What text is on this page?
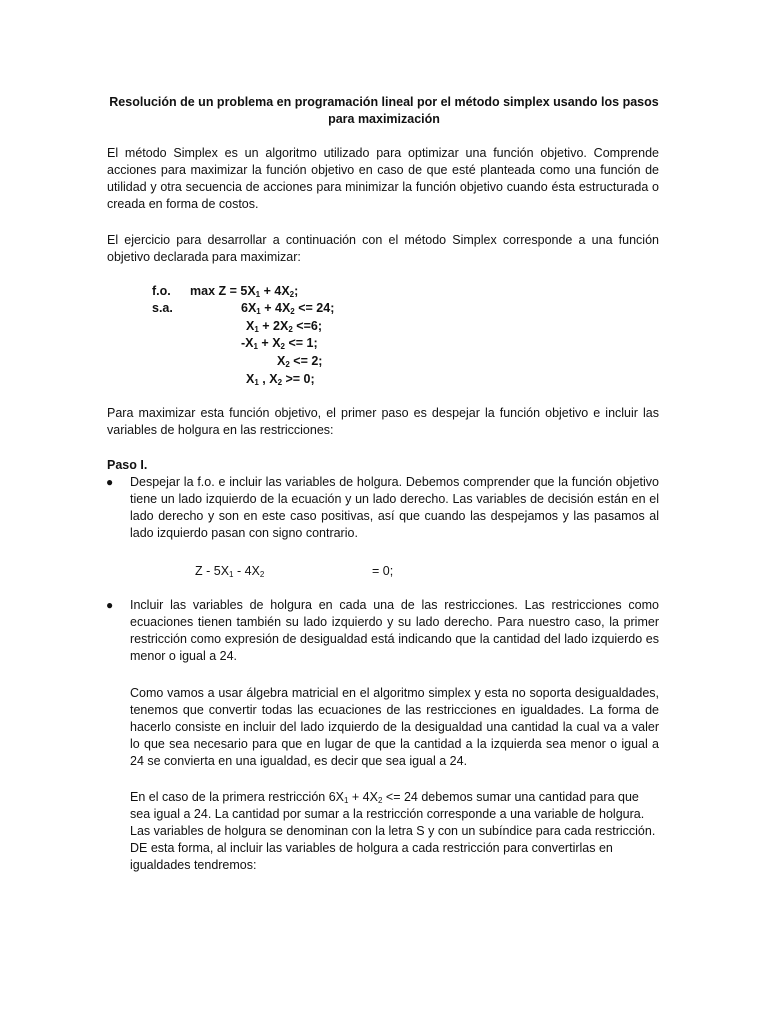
Resolución de un problema en programación lineal por el método simplex usando los pasos para maximización

El método Simplex es un algoritmo utilizado para optimizar una función objetivo. Comprende acciones para maximizar la función objetivo en caso de que esté planteada como una función de utilidad y otra secuencia de acciones para minimizar la función objetivo cuando ésta estructurada o creada en forma de costos.

El ejercicio para desarrollar a continuación con el método Simplex corresponde a una función objetivo declarada para maximizar:

f.o. $\max Z = 5X_1 + 4X_2$;
s.a.	$6X_1 + 4X_2 <= 24$;
$X_1 + 2X_2 <=6$;
$-X_1 + X_2 <= 1$;
$X_2 <= 2$;
$X_1$ , $X_2 >= 0$;

Para maximizar esta función objetivo, el primer paso es despejar la función objetivo e incluir las variables de holgura en las restricciones:

Paso I.
● Despejar la f.o. e incluir las variables de holgura. Debemos comprender que la función objetivo tiene un lado izquierdo de la ecuación y un lado derecho. Las variables de decisión están en el lado derecho y son en este caso positivas, así que cuando las despejamos y las pasamos al lado izquierdo pasan con signo contrario.

Z - $5X_1 - 4X_2$	= 0;
● Incluir las variables de holgura en cada una de las restricciones. Las restricciones como ecuaciones tienen también su lado izquierdo y su lado derecho. Para nuestro caso, la primer restricción como expresión de desigualdad está indicando que la cantidad del lado izquierdo es menor o igual a 24.

Como vamos a usar álgebra matricial en el algoritmo simplex y esta no soporta desigualdades, tenemos que convertir todas las ecuaciones de las restricciones en igualdades. La forma de hacerlo consiste en incluir del lado izquierdo de la desigualdad una cantidad la cual va a valer lo que sea necesario para que en lugar de que la cantidad a la izquierda sea menor o igual a 24 se convierta en una igualdad, es decir que sea igual a 24.

En el caso de la primera restricción $6X_1 + 4X_2 <= 24$ debemos sumar una cantidad para que sea igual a 24. La cantidad por sumar a la restricción corresponde a una variable de holgura. Las variables de holgura se denominan con la letra S y con un subíndice para cada restricción. DE esta forma, al incluir las variables de holgura a cada restricción para convertirlas en igualdades tendremos:
